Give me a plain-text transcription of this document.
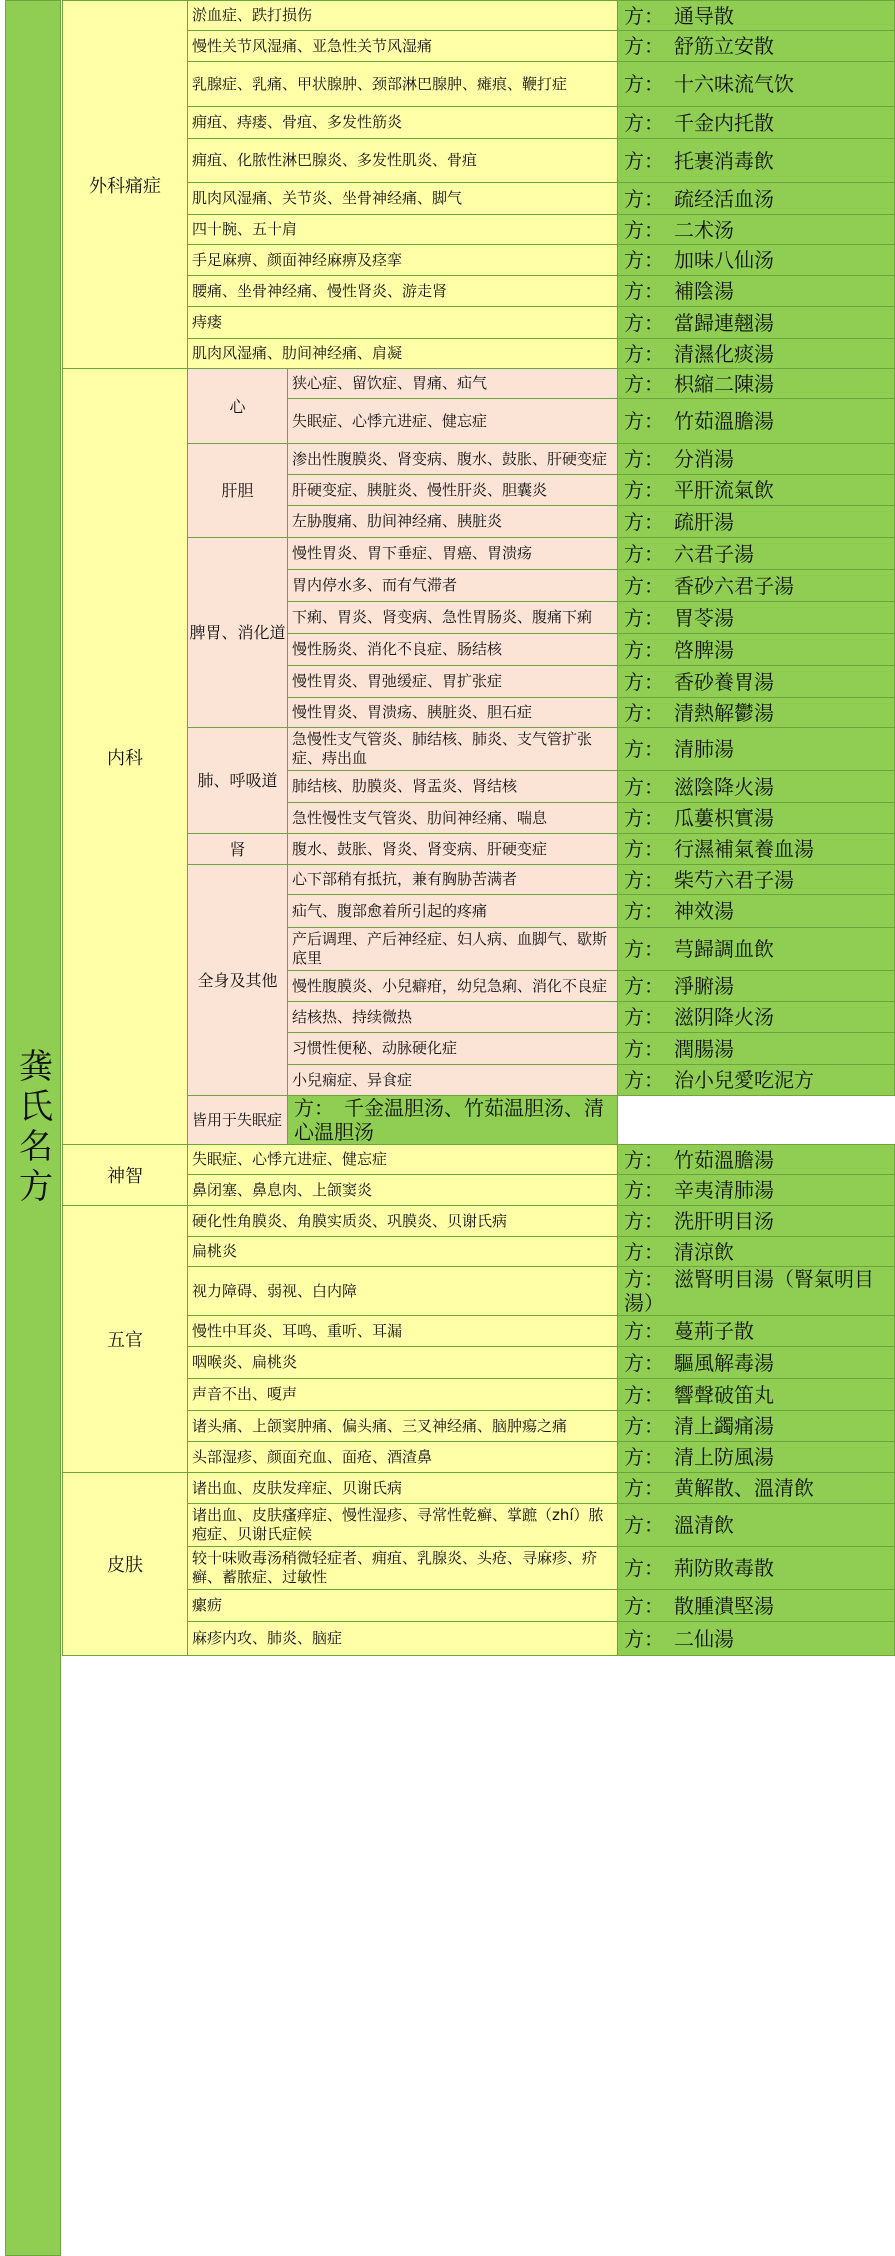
龚氏名方
外科痛症	淤血症、跌打损伤		方： 通导散
	慢性关节风湿痛、亚急性关节风湿痛		方： 舒筋立安散
	乳腺症、乳痛、甲状腺肿、颈部淋巴腺肿、瘫痕、鞭打症		方： 十六味流气饮
	痈疽、痔瘘、骨疽、多发性筋炎		方： 千金内托散
	痈疽、化脓性淋巴腺炎、多发性肌炎、骨疽		方： 托裹消毒飲
	肌肉风湿痛、关节炎、坐骨神经痛、脚气		方： 疏经活血汤
	四十腕、五十肩		方： 二术汤
	手足麻痹、颜面神经麻痹及痉挛		方： 加味八仙汤
	腰痛、坐骨神经痛、慢性肾炎、游走肾		方： 補陰湯
	痔瘘		方： 當歸連翹湯
	肌肉风湿痛、肋间神经痛、肩凝		方： 清濕化痰湯
内科	心	狭心症、留饮症、胃痛、疝气	方： 枳縮二陳湯
		失眠症、心悸亢进症、健忘症	方： 竹茹溫膽湯
	肝胆	渗出性腹膜炎、肾变病、腹水、鼓胀、肝硬变症	方： 分消湯
		肝硬变症、胰脏炎、慢性肝炎、胆囊炎	方： 平肝流氣飲
		左胁腹痛、肋间神经痛、胰脏炎	方： 疏肝湯
	脾胃、消化道	慢性胃炎、胃下垂症、胃癌、胃溃疡	方： 六君子湯
		胃内停水多、而有气滞者	方： 香砂六君子湯
		下痢、胃炎、肾变病、急性胃肠炎、腹痛下痢	方： 胃苓湯
		慢性肠炎、消化不良症、肠结核	方： 啓脾湯
		慢性胃炎、胃弛缓症、胃扩张症	方： 香砂養胃湯
		慢性胃炎、胃溃疡、胰脏炎、胆石症	方： 清熱解鬱湯
	肺、呼吸道	急慢性支气管炎、肺结核、肺炎、支气管扩张症、痔出血	方： 清肺湯
		肺结核、肋膜炎、肾盂炎、肾结核	方： 滋陰降火湯
		急性慢性支气管炎、肋间神经痛、喘息	方： 瓜蔞枳實湯
	肾	腹水、鼓胀、肾炎、肾变病、肝硬变症	方： 行濕補氣養血湯
	全身及其他	心下部稍有抵抗，兼有胸胁苦满者	方： 柴芍六君子湯
		疝气、腹部愈着所引起的疼痛	方： 神效湯
		产后调理、产后神经症、妇人病、血脚气、歇斯底里	方： 芎歸調血飲
		慢性腹膜炎、小兒癖疳，幼兒急痢、消化不良症	方： 淨腑湯
		结核热、持续微热	方： 滋阴降火汤
		习惯性便秘、动脉硬化症	方： 潤腸湯
		小兒痫症、异食症	方： 治小兒愛吃泥方
	皆用于失眠症	方： 千金温胆汤、竹茹温胆汤、清心温胆汤	
神智	失眠症、心悸亢进症、健忘症		方： 竹茹溫膽湯
	鼻闭塞、鼻息肉、上颌窦炎		方： 辛夷清肺湯
五官	硬化性角膜炎、角膜实质炎、巩膜炎、贝谢氏病		方： 洗肝明目汤
	扁桃炎		方： 清涼飲
	视力障碍、弱视、白内障		方： 滋腎明目湯（腎氣明目湯）
	慢性中耳炎、耳鸣、重听、耳漏		方： 蔓荊子散
	咽喉炎、扁桃炎		方： 驅風解毒湯
	声音不出、嗄声		方： 響聲破笛丸
	诸头痛、上颌窦肿痛、偏头痛、三叉神经痛、脑肿瘍之痛		方： 清上蠲痛湯
	头部湿疹、颜面充血、面疮、酒渣鼻		方： 清上防風湯
皮肤	诸出血、皮肤发痒症、贝谢氏病		方： 黄解散、溫清飲
	诸出血、皮肤瘙痒症、慢性湿疹、寻常性乾癣、掌蹠（zhí）脓疱症、贝谢氏症候		方： 溫清飲
	较十味败毒汤稍微轻症者、痈疽、乳腺炎、头疮、寻麻疹、疥癣、蓄脓症、过敏性		方： 荊防敗毒散
	瘰疬		方： 散腫潰堅湯
	麻疹内攻、肺炎、脑症		方： 二仙湯
